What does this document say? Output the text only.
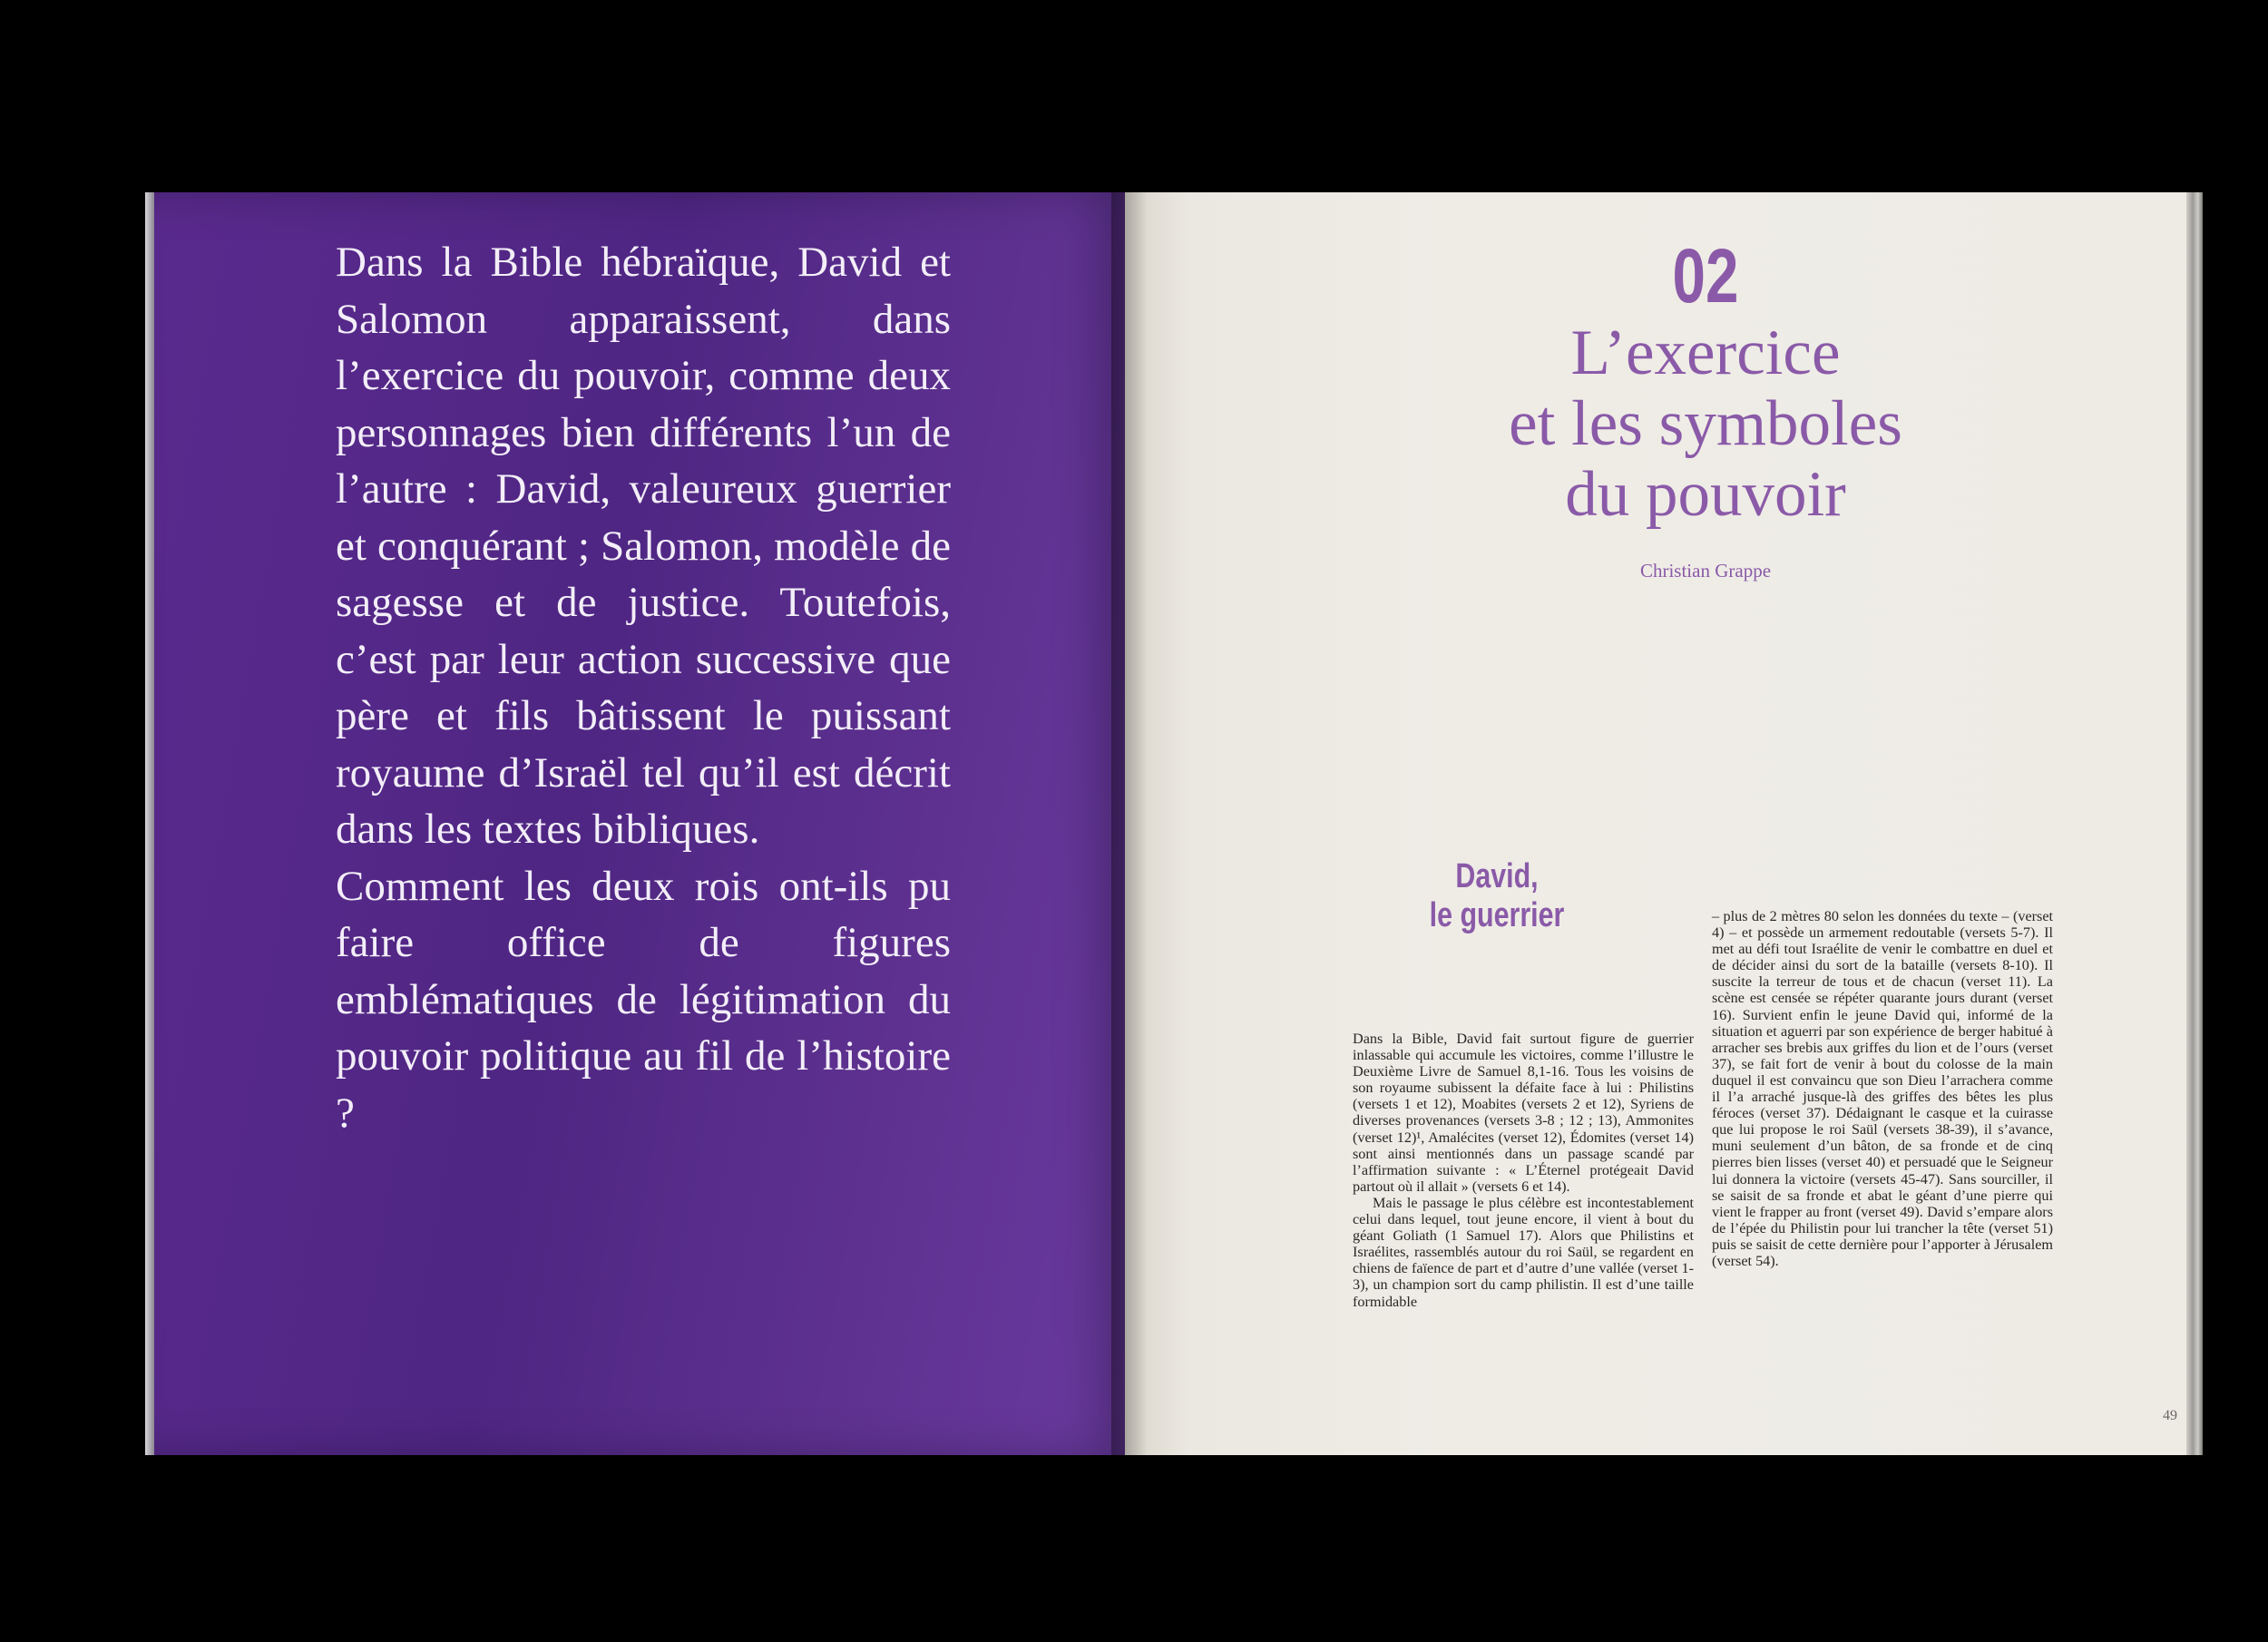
Dans la Bible hébraïque, David et Salomon apparaissent, dans l’exercice du pouvoir, comme deux personnages bien différents l’un de l’autre : David, valeureux guerrier et conquérant ; Salomon, modèle de sagesse et de justice. Toutefois, c’est par leur action successive que père et fils bâtissent le puissant royaume d’Israël tel qu’il est décrit dans les textes bibliques.

Comment les deux rois ont-ils pu faire office de figures emblématiques de légitimation du pouvoir politique au fil de l’histoire ?

02
L’exercice
et les symboles
du pouvoir
Christian Grappe
David,
le guerrier

Dans la Bible, David fait surtout figure de guerrier inlassable qui accumule les victoires, comme l’illustre le Deuxième Livre de Samuel 8,1-16. Tous les voisins de son royaume subissent la défaite face à lui : Philistins (versets 1 et 12), Moabites (versets 2 et 12), Syriens de diverses provenances (versets 3-8 ; 12 ; 13), Ammonites (verset 12)¹, Amalécites (verset 12), Édomites (verset 14) sont ainsi mentionnés dans un passage scandé par l’affirmation suivante : « L’Éternel protégeait David partout où il allait » (versets 6 et 14).

Mais le passage le plus célèbre est incontestablement celui dans lequel, tout jeune encore, il vient à bout du géant Goliath (1 Samuel 17). Alors que Philistins et Israélites, rassemblés autour du roi Saül, se regardent en chiens de faïence de part et d’autre d’une vallée (verset 1-3), un champion sort du camp philistin. Il est d’une taille formidable

– plus de 2 mètres 80 selon les données du texte – (verset 4) – et possède un armement redoutable (versets 5-7). Il met au défi tout Israélite de venir le combattre en duel et de décider ainsi du sort de la bataille (versets 8-10). Il suscite la terreur de tous et de chacun (verset 11). La scène est censée se répéter quarante jours durant (verset 16). Survient enfin le jeune David qui, informé de la situation et aguerri par son expérience de berger habitué à arracher ses brebis aux griffes du lion et de l’ours (verset 37), se fait fort de venir à bout du colosse de la main duquel il est convaincu que son Dieu l’arrachera comme il l’a arraché jusque-là des griffes des bêtes les plus féroces (verset 37). Dédaignant le casque et la cuirasse que lui propose le roi Saül (versets 38-39), il s’avance, muni seulement d’un bâton, de sa fronde et de cinq pierres bien lisses (verset 40) et persuadé que le Seigneur lui donnera la victoire (versets 45-47). Sans sourciller, il se saisit de sa fronde et abat le géant d’une pierre qui vient le frapper au front (verset 49). David s’empare alors de l’épée du Philistin pour lui trancher la tête (verset 51) puis se saisit de cette dernière pour l’apporter à Jérusalem (verset 54).

49
